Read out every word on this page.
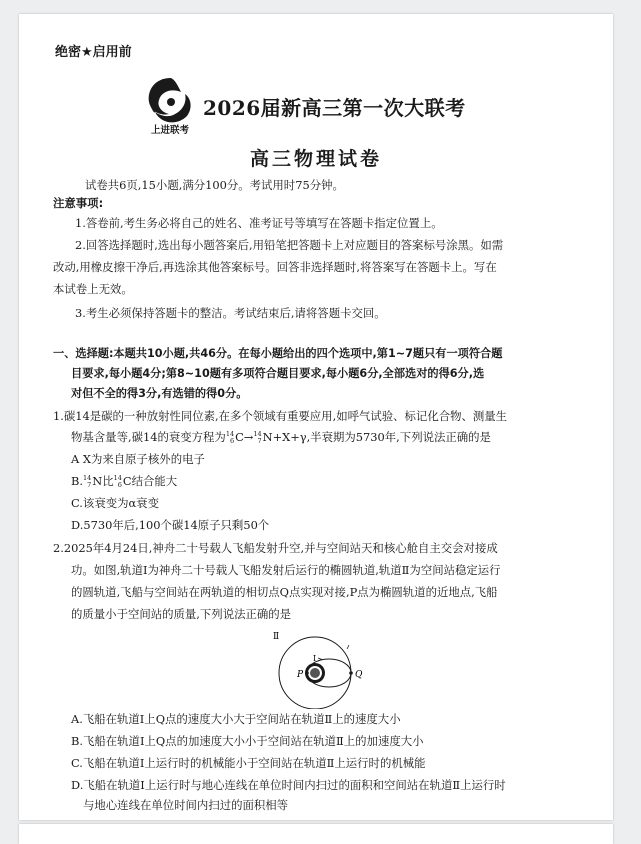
绝密★启用前
上进联考
2026届新高三第一次大联考
高三物理试卷
试卷共6页,15小题,满分100分。考试用时75分钟。
注意事项:
1.答卷前,考生务必将自己的姓名、准考证号等填写在答题卡指定位置上。
2.回答选择题时,选出每小题答案后,用铅笔把答题卡上对应题目的答案标号涂黑。如需
改动,用橡皮擦干净后,再选涂其他答案标号。回答非选择题时,将答案写在答题卡上。写在
本试卷上无效。
3.考生必须保持答题卡的整洁。考试结束后,请将答题卡交回。
一、选择题:本题共10小题,共46分。在每小题给出的四个选项中,第1~7题只有一项符合题
目要求,每小题4分;第8~10题有多项符合题目要求,每小题6分,全部选对的得6分,选
对但不全的得3分,有选错的得0分。
1.碳14是碳的一种放射性同位素,在多个领域有重要应用,如呼气试验、标记化合物、测量生
物基含量等,碳14的衰变方程为 14
6 C→ 14
7 N+X+γ,半衰期为5730年,下列说法正确的是
A X为来自原子核外的电子
B. 14
7 N比 14
6 C结合能大
C.该衰变为α衰变
D.5730年后,100个碳14原子只剩50个
2.2025年4月24日,神舟二十号载人飞船发射升空,并与空间站天和核心舱自主交会对接成
功。如图,轨道Ⅰ为神舟二十号载人飞船发射后运行的椭圆轨道,轨道Ⅱ为空间站稳定运行
的圆轨道,飞船与空间站在两轨道的相切点Q点实现对接,P点为椭圆轨道的近地点,飞船
的质量小于空间站的质量,下列说法正确的是
Ⅱ
Ⅰ
P	Q
A.飞船在轨道Ⅰ上Q点的速度大小大于空间站在轨道Ⅱ上的速度大小
B.飞船在轨道Ⅰ上Q点的加速度大小小于空间站在轨道Ⅱ上的加速度大小
C.飞船在轨道Ⅰ上运行时的机械能小于空间站在轨道Ⅱ上运行时的机械能
D.飞船在轨道Ⅰ上运行时与地心连线在单位时间内扫过的面积和空间站在轨道Ⅱ上运行时
与地心连线在单位时间内扫过的面积相等
